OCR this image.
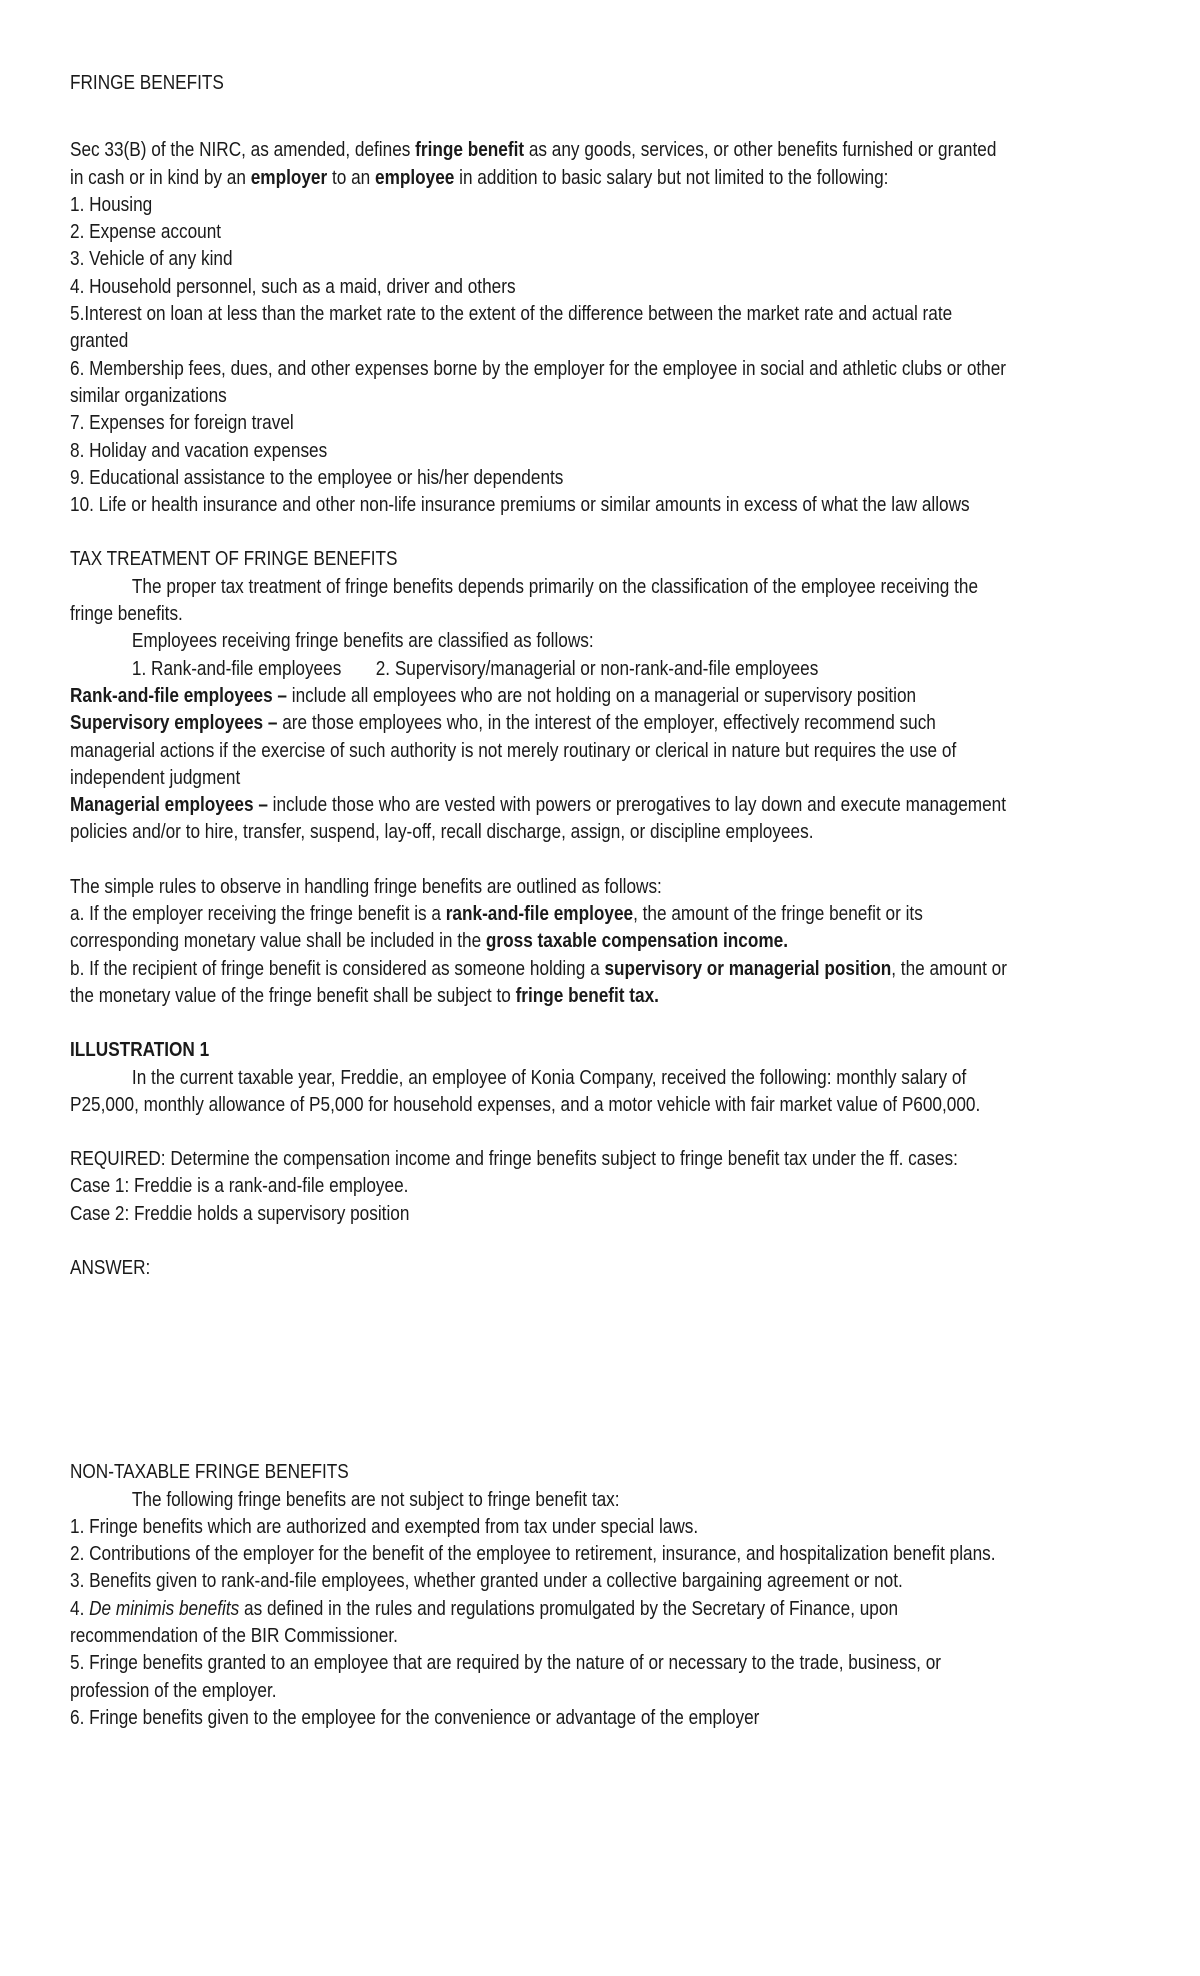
FRINGE BENEFITS
Sec 33(B) of the NIRC, as amended, defines fringe benefit as any goods, services, or other benefits furnished or granted
in cash or in kind by an employer to an employee in addition to basic salary but not limited to the following:
1. Housing
2. Expense account
3. Vehicle of any kind
4. Household personnel, such as a maid, driver and others
5.Interest on loan at less than the market rate to the extent of the difference between the market rate and actual rate
granted
6. Membership fees, dues, and other expenses borne by the employer for the employee in social and athletic clubs or other
similar organizations
7. Expenses for foreign travel
8. Holiday and vacation expenses
9. Educational assistance to the employee or his/her dependents
10. Life or health insurance and other non-life insurance premiums or similar amounts in excess of what the law allows
TAX TREATMENT OF FRINGE BENEFITS
The proper tax treatment of fringe benefits depends primarily on the classification of the employee receiving the
fringe benefits.
Employees receiving fringe benefits are classified as follows:
1. Rank-and-file employees 2. Supervisory/managerial or non-rank-and-file employees
Rank-and-file employees – include all employees who are not holding on a managerial or supervisory position
Supervisory employees – are those employees who, in the interest of the employer, effectively recommend such
managerial actions if the exercise of such authority is not merely routinary or clerical in nature but requires the use of
independent judgment
Managerial employees – include those who are vested with powers or prerogatives to lay down and execute management
policies and/or to hire, transfer, suspend, lay-off, recall discharge, assign, or discipline employees.
The simple rules to observe in handling fringe benefits are outlined as follows:
a. If the employer receiving the fringe benefit is a rank-and-file employee, the amount of the fringe benefit or its
corresponding monetary value shall be included in the gross taxable compensation income.
b. If the recipient of fringe benefit is considered as someone holding a supervisory or managerial position, the amount or
the monetary value of the fringe benefit shall be subject to fringe benefit tax.
ILLUSTRATION 1
In the current taxable year, Freddie, an employee of Konia Company, received the following: monthly salary of
P25,000, monthly allowance of P5,000 for household expenses, and a motor vehicle with fair market value of P600,000.
REQUIRED: Determine the compensation income and fringe benefits subject to fringe benefit tax under the ff. cases:
Case 1: Freddie is a rank-and-file employee.
Case 2: Freddie holds a supervisory position
ANSWER:
NON-TAXABLE FRINGE BENEFITS
The following fringe benefits are not subject to fringe benefit tax:
1. Fringe benefits which are authorized and exempted from tax under special laws.
2. Contributions of the employer for the benefit of the employee to retirement, insurance, and hospitalization benefit plans.
3. Benefits given to rank-and-file employees, whether granted under a collective bargaining agreement or not.
4. De minimis benefits as defined in the rules and regulations promulgated by the Secretary of Finance, upon
recommendation of the BIR Commissioner.
5. Fringe benefits granted to an employee that are required by the nature of or necessary to the trade, business, or
profession of the employer.
6. Fringe benefits given to the employee for the convenience or advantage of the employer
